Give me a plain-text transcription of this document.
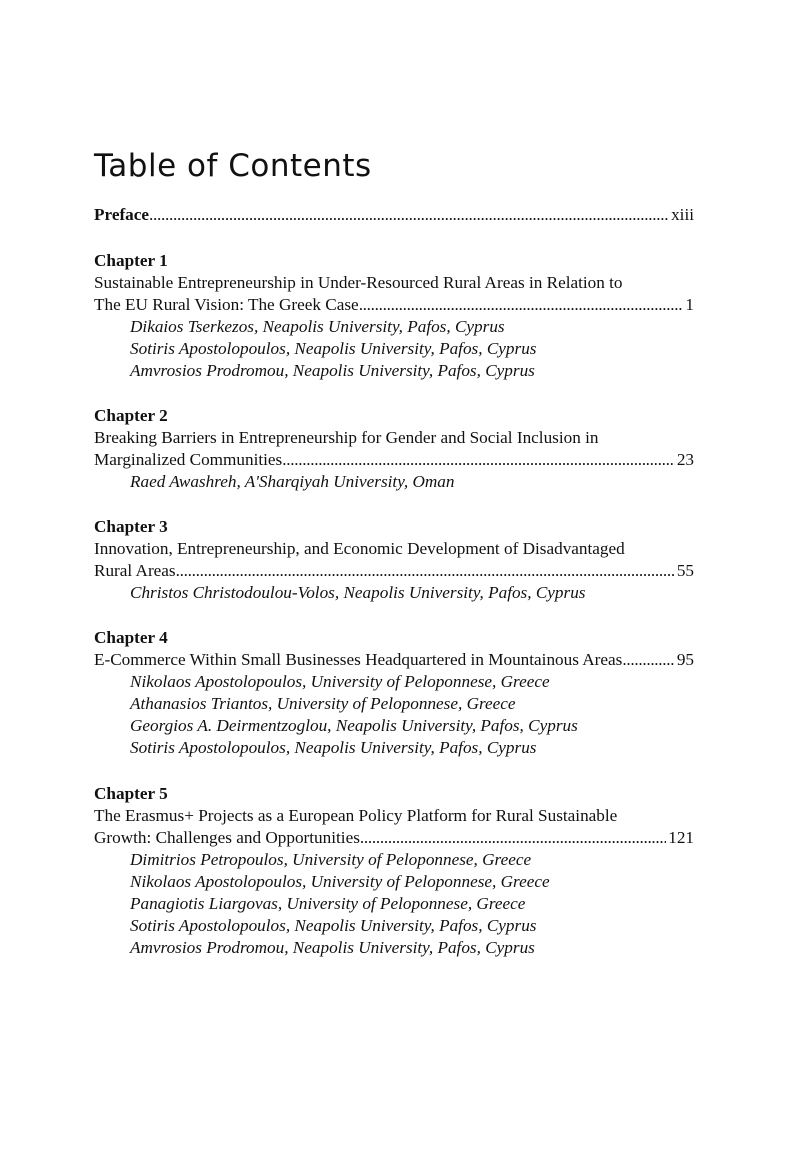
Table of Contents
Preface . . .	xiii
Chapter 1
Sustainable Entrepreneurship in Under-Resourced Rural Areas in Relation to
The EU Rural Vision: The Greek Case . . .	1
Dikaios Tserkezos, Neapolis University, Pafos, Cyprus
Sotiris Apostolopoulos, Neapolis University, Pafos, Cyprus
Amvrosios Prodromou, Neapolis University, Pafos, Cyprus
Chapter 2
Breaking Barriers in Entrepreneurship for Gender and Social Inclusion in
Marginalized Communities . . .	23
Raed Awashreh, A'Sharqiyah University, Oman
Chapter 3
Innovation, Entrepreneurship, and Economic Development of Disadvantaged
Rural Areas . . .	55
Christos Christodoulou-Volos, Neapolis University, Pafos, Cyprus
Chapter 4
E-Commerce Within Small Businesses Headquartered in Mountainous Areas . . .	95
Nikolaos Apostolopoulos, University of Peloponnese, Greece
Athanasios Triantos, University of Peloponnese, Greece
Georgios A. Deirmentzoglou, Neapolis University, Pafos, Cyprus
Sotiris Apostolopoulos, Neapolis University, Pafos, Cyprus
Chapter 5
The Erasmus+ Projects as a European Policy Platform for Rural Sustainable
Growth: Challenges and Opportunities . . .	121
Dimitrios Petropoulos, University of Peloponnese, Greece
Nikolaos Apostolopoulos, University of Peloponnese, Greece
Panagiotis Liargovas, University of Peloponnese, Greece
Sotiris Apostolopoulos, Neapolis University, Pafos, Cyprus
Amvrosios Prodromou, Neapolis University, Pafos, Cyprus
